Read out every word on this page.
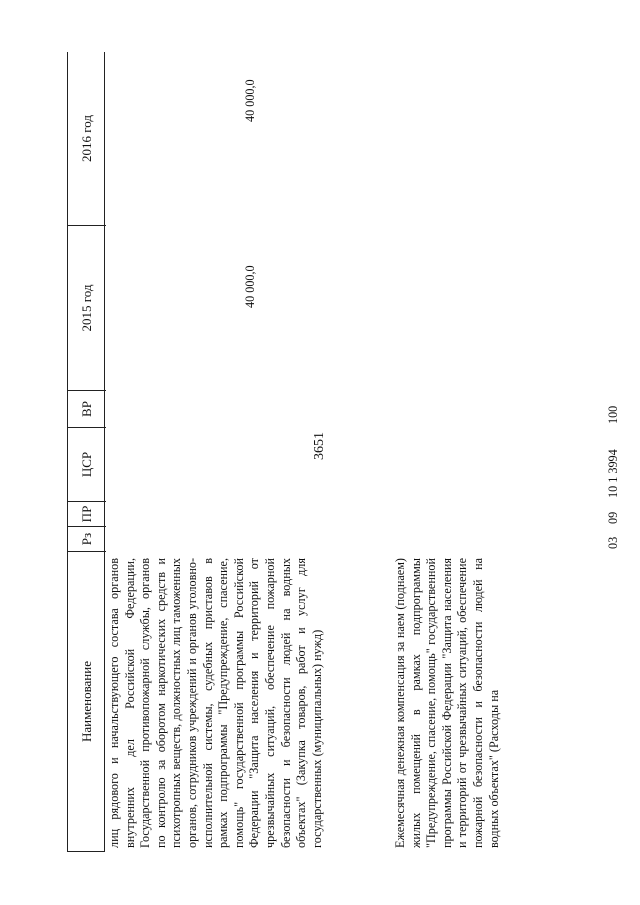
3651
Наименование
Рз
ПР
ЦСР
ВР
2015 год
2016 год
лиц рядового и начальствующего состава органов внутренних дел Российской Федерации, Государственной противопожарной службы, органов по контролю за оборотом наркотических средств и психотропных веществ, должностных лиц таможенных органов, сотрудников учреждений и органов уголовно-исполнительной системы, судебных приставов в рамках подпрограммы "Предупреждение, спасение, помощь" государственной программы Российской Федерации "Защита населения и территорий от чрезвычайных ситуаций, обеспечение пожарной безопасности и безопасности людей на водных объектах" (Закупка товаров, работ и услуг для государственных (муниципальных) нужд)	Ежемесячная денежная компенсация за наем (поднаем) жилых помещений в рамках подпрограммы "Предупреждение, спасение, помощь" государственной программы Российской Федерации "Защита населения и территорий от чрезвычайных ситуаций, обеспечение пожарной безопасности и безопасности людей на водных объектах" (Расходы на
03
09
10 1 3994
100
40 000,0
40 000,0
